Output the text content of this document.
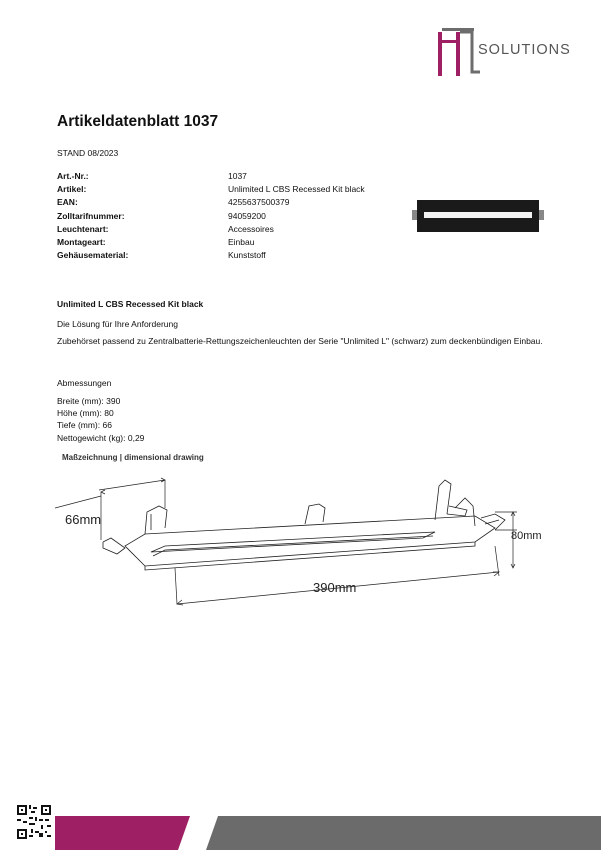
SOLUTIONS
Artikeldatenblatt 1037
STAND 08/2023
Art.-Nr.:	1037
Artikel:	Unlimited L CBS Recessed Kit black
EAN:	4255637500379
Zolltarifnummer:	94059200
Leuchtenart:	Accessoires
Montageart:	Einbau
Gehäusematerial:	Kunststoff
Unlimited L CBS Recessed Kit black
Die Lösung für Ihre Anforderung
Zubehörset passend zu Zentralbatterie-Rettungszeichenleuchten der Serie "Unlimited L" (schwarz) zum deckenbündigen Einbau.
Abmessungen
Breite (mm): 390
Höhe (mm): 80
Tiefe (mm): 66
Nettogewicht (kg): 0,29
Maßzeichnung | dimensional drawing
66mm
80mm
390mm
